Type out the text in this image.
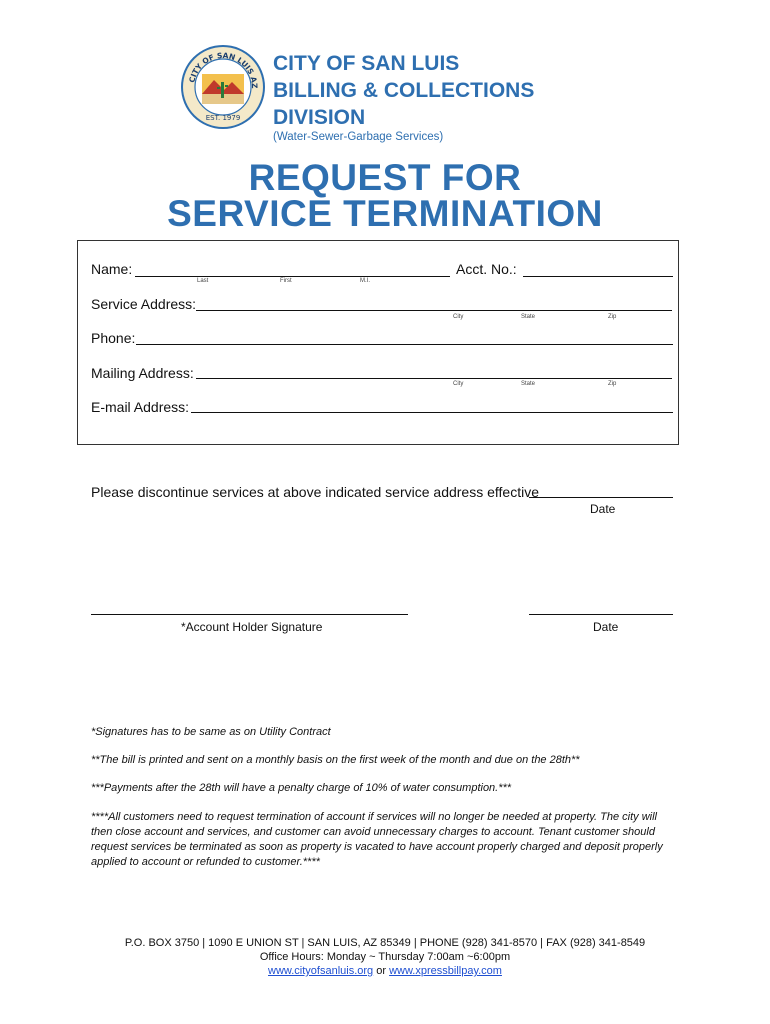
CITY OF SAN LUIS AZ
EST. 1979
CITY OF SAN LUIS
BILLING & COLLECTIONS
DIVISION
(Water-Sewer-Garbage Services)
REQUEST FOR
SERVICE TERMINATION
Name:
Last	First	M.I.
Acct. No.:
Service Address:
City	State	Zip
Phone:
Mailing Address:
City	State	Zip
E-mail Address:
Please discontinue services at above indicated service address effective
Date
*Account Holder Signature	Date
*Signatures has to be same as on Utility Contract
**The bill is printed and sent on a monthly basis on the first week of the month and due on the 28th**
***Payments after the 28th will have a penalty charge of 10% of water consumption.***
****All customers need to request termination of account if services will no longer be needed at property. The city will then close account and services, and customer can avoid unnecessary charges to account. Tenant customer should request services be terminated as soon as property is vacated to have account properly charged and deposit properly applied to account or refunded to customer.****
P.O. BOX 3750 | 1090 E UNION ST | SAN LUIS, AZ 85349 | PHONE (928) 341-8570 | FAX (928) 341-8549
Office Hours: Monday ~ Thursday 7:00am ~6:00pm
www.cityofsanluis.org or www.xpressbillpay.com
